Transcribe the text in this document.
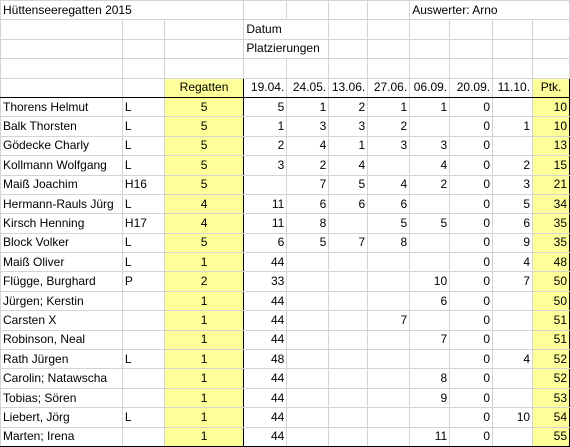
Hüttenseeregatten 2015							Auswerter: Arno			
			Datum							
			Platzierungen							

		Regatten	19.04.	24.05.	13.06.	27.06.	06.09.	20.09.	11.10.	Ptk.
Thorens Helmut	L	5	5	1	2	1	1	0		10
Balk Thorsten	L	5	1	3	3	2		0	1	10
Gödecke Charly	L	5	2	4	1	3	3	0		13
Kollmann Wolfgang	L	5	3	2	4		4	0	2	15
Maiß Joachim	H16	5		7	5	4	2	0	3	21
Hermann-Rauls Jürg	L	4	11	6	6	6		0	5	34
Kirsch Henning	H17	4	11	8		5	5	0	6	35
Block Volker	L	5	6	5	7	8		0	9	35
Maiß Oliver	L	1	44					0	4	48
Flügge, Burghard	P	2	33				10	0	7	50
Jürgen; Kerstin		1	44				6	0		50
Carsten X		1	44			7		0		51
Robinson, Neal		1	44				7	0		51
Rath Jürgen	L	1	48					0	4	52
Carolin; Natawscha		1	44				8	0		52
Tobias; Sören		1	44				9	0		53
Liebert, Jörg	L	1	44					0	10	54
Marten; Irena		1	44				11	0		55
